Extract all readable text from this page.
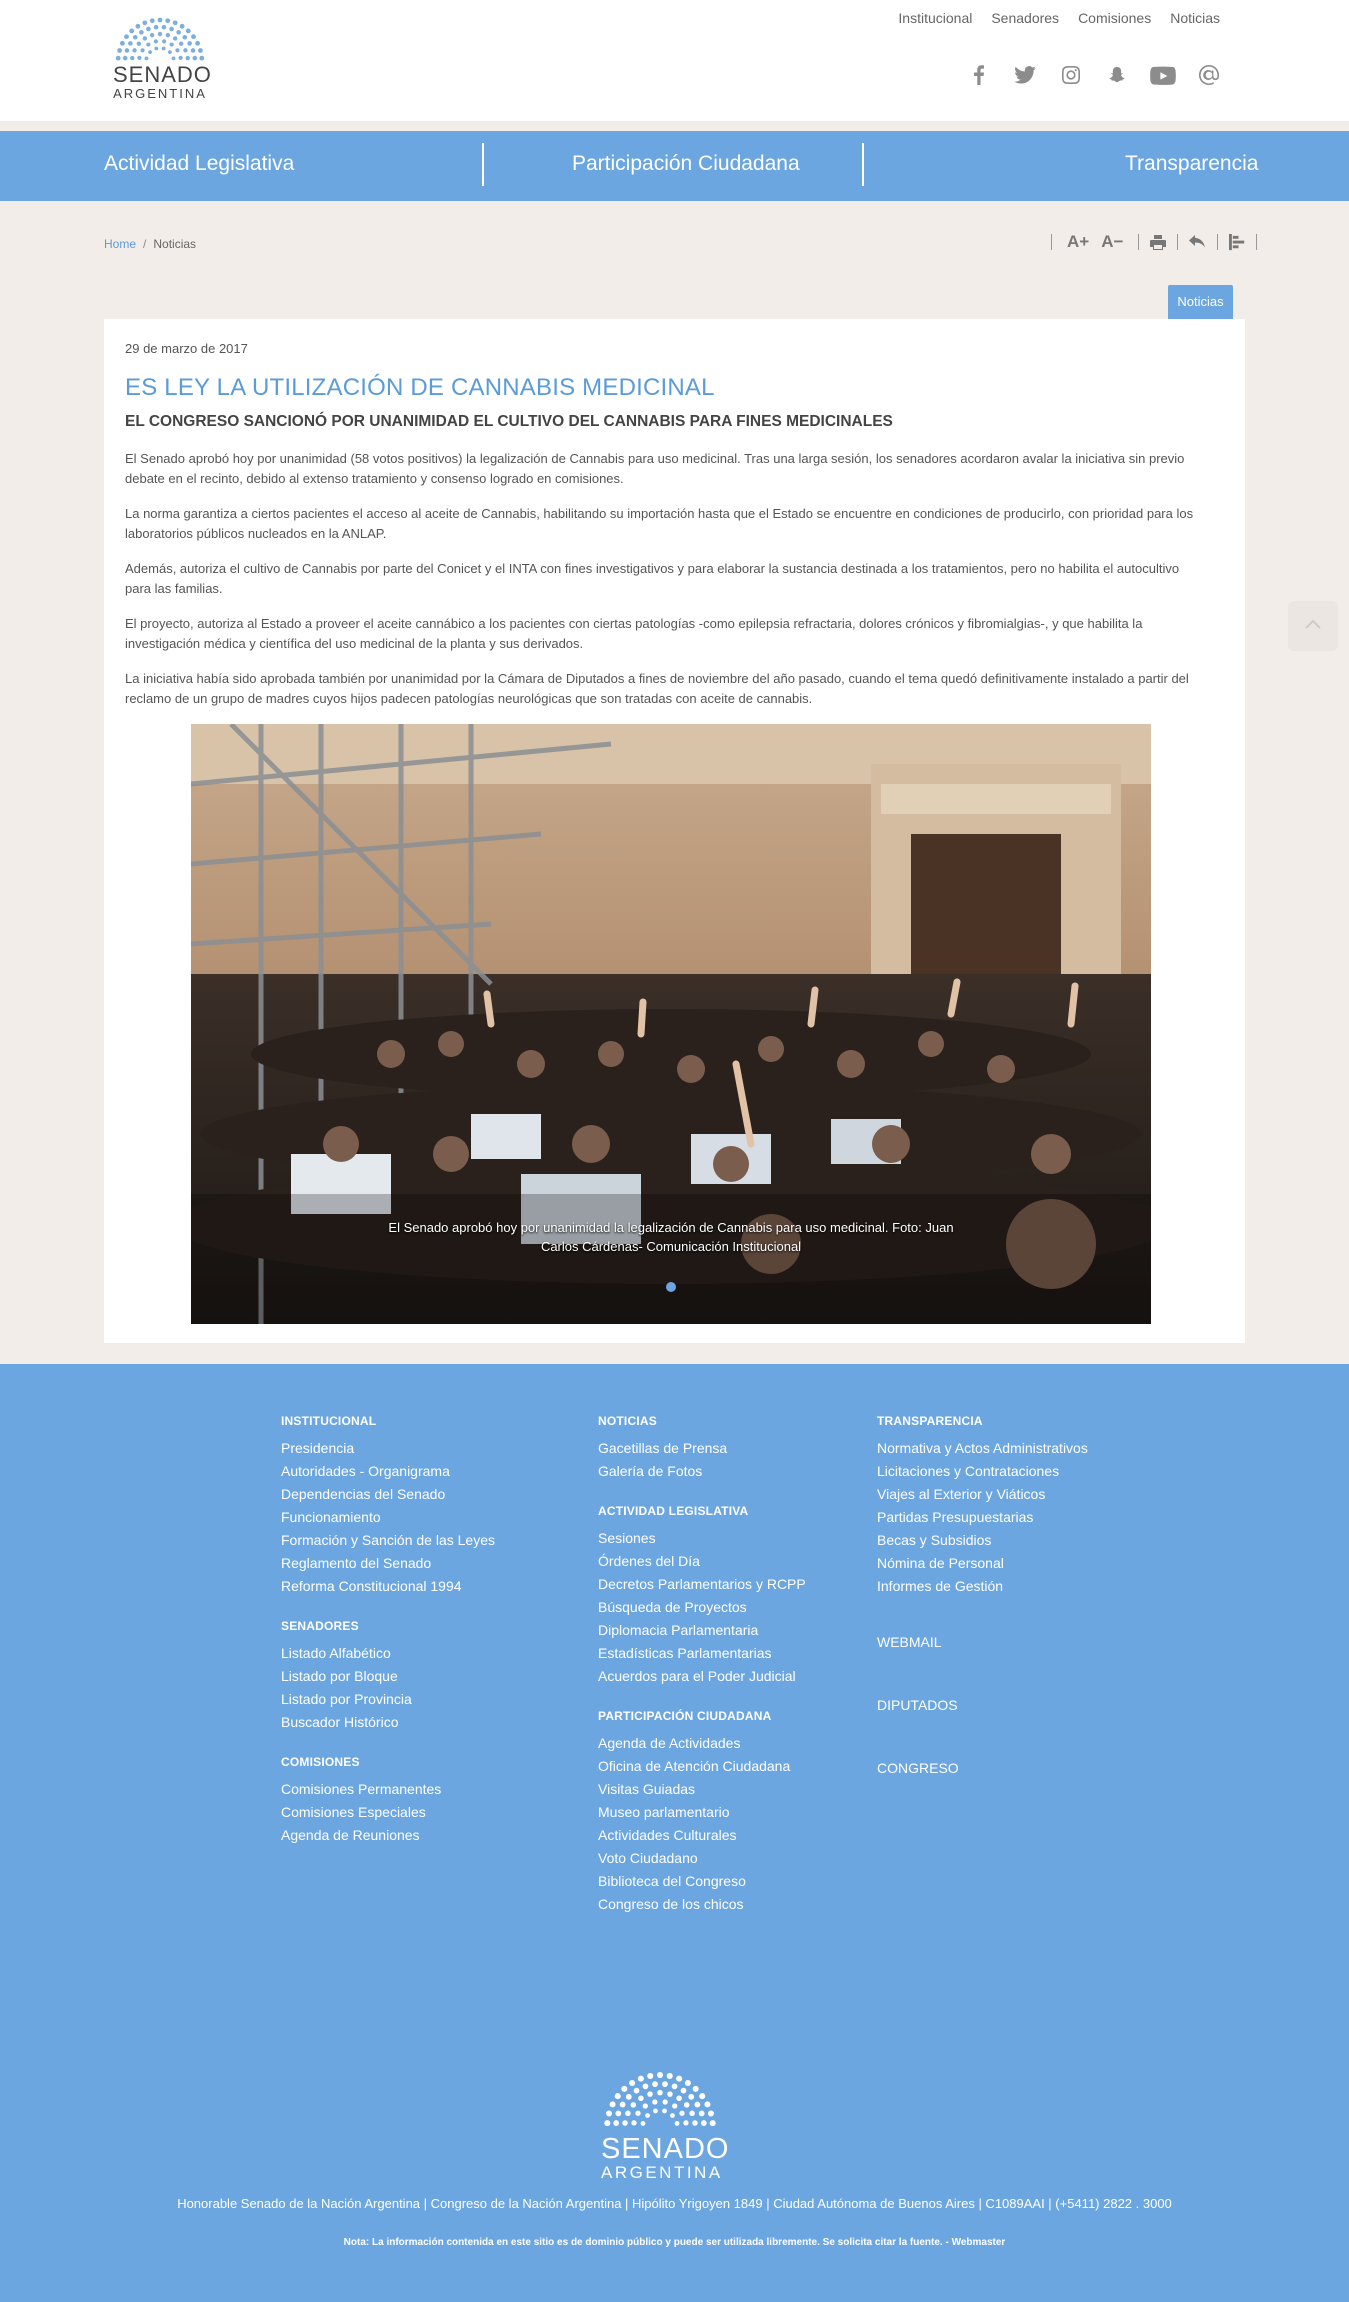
SENADO
ARGENTINA
Institucional Senadores Comisiones Noticias
Actividad Legislativa	Participación Ciudadana	Transparencia
Home / Noticias	A+ A−
Noticias
29 de marzo de 2017
ES LEY LA UTILIZACIÓN DE CANNABIS MEDICINAL
EL CONGRESO SANCIONÓ POR UNANIMIDAD EL CULTIVO DEL CANNABIS PARA FINES MEDICINALES

El Senado aprobó hoy por unanimidad (58 votos positivos) la legalización de Cannabis para uso medicinal. Tras una larga sesión, los senadores acordaron avalar la iniciativa sin previo debate en el recinto, debido al extenso tratamiento y consenso logrado en comisiones.

La norma garantiza a ciertos pacientes el acceso al aceite de Cannabis, habilitando su importación hasta que el Estado se encuentre en condiciones de producirlo, con prioridad para los laboratorios públicos nucleados en la ANLAP.

Además, autoriza el cultivo de Cannabis por parte del Conicet y el INTA con fines investigativos y para elaborar la sustancia destinada a los tratamientos, pero no habilita el autocultivo para las familias.

El proyecto, autoriza al Estado a proveer el aceite cannábico a los pacientes con ciertas patologías -como epilepsia refractaria, dolores crónicos y fibromialgias-, y que habilita la investigación médica y científica del uso medicinal de la planta y sus derivados.

La iniciativa había sido aprobada también por unanimidad por la Cámara de Diputados a fines de noviembre del año pasado, cuando el tema quedó definitivamente instalado a partir del reclamo de un grupo de madres cuyos hijos padecen patologías neurológicas que son tratadas con aceite de cannabis.

El Senado aprobó hoy por unanimidad la legalización de Cannabis para uso medicinal. Foto: Juan Carlos Cárdenas- Comunicación Institucional
INSTITUCIONAL
Presidencia
Autoridades - Organigrama
Dependencias del Senado
Funcionamiento
Formación y Sanción de las Leyes
Reglamento del Senado
Reforma Constitucional 1994
SENADORES
Listado Alfabético
Listado por Bloque
Listado por Provincia
Buscador Histórico
COMISIONES
Comisiones Permanentes
Comisiones Especiales
Agenda de Reuniones
NOTICIAS
Gacetillas de Prensa
Galería de Fotos
ACTIVIDAD LEGISLATIVA
Sesiones
Órdenes del Día
Decretos Parlamentarios y RCPP
Búsqueda de Proyectos
Diplomacia Parlamentaria
Estadísticas Parlamentarias
Acuerdos para el Poder Judicial
PARTICIPACIÓN CIUDADANA
Agenda de Actividades
Oficina de Atención Ciudadana
Visitas Guiadas
Museo parlamentario
Actividades Culturales
Voto Ciudadano
Biblioteca del Congreso
Congreso de los chicos
TRANSPARENCIA
Normativa y Actos Administrativos
Licitaciones y Contrataciones
Viajes al Exterior y Viáticos
Partidas Presupuestarias
Becas y Subsidios
Nómina de Personal
Informes de Gestión
WEBMAIL
DIPUTADOS
CONGRESO
SENADO
ARGENTINA
Honorable Senado de la Nación Argentina | Congreso de la Nación Argentina | Hipólito Yrigoyen 1849 | Ciudad Autónoma de Buenos Aires | C1089AAI | (+5411) 2822 . 3000
Nota: La información contenida en este sitio es de dominio público y puede ser utilizada libremente. Se solicita citar la fuente. - Webmaster
